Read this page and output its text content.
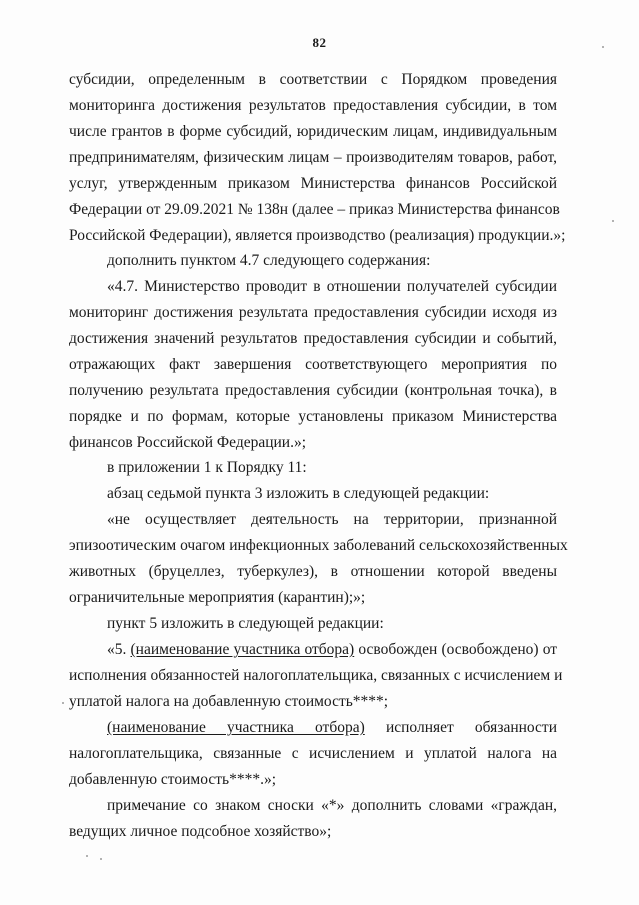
82
субсидии, определенным в соответствии с Порядком проведения
мониторинга достижения результатов предоставления субсидии, в том
числе грантов в форме субсидий, юридическим лицам, индивидуальным
предпринимателям, физическим лицам – производителям товаров, работ,
услуг, утвержденным приказом Министерства финансов Российской
Федерации от 29.09.2021 № 138н (далее – приказ Министерства финансов
Российской Федерации), является производство (реализация) продукции.»;
дополнить пунктом 4.7 следующего содержания:
«4.7. Министерство проводит в отношении получателей субсидии
мониторинг достижения результата предоставления субсидии исходя из
достижения значений результатов предоставления субсидии и событий,
отражающих факт завершения соответствующего мероприятия по
получению результата предоставления субсидии (контрольная точка), в
порядке и по формам, которые установлены приказом Министерства
финансов Российской Федерации.»;
в приложении 1 к Порядку 11:
абзац седьмой пункта 3 изложить в следующей редакции:
«не осуществляет деятельность на территории, признанной
эпизоотическим очагом инфекционных заболеваний сельскохозяйственных
животных (бруцеллез, туберкулез), в отношении которой введены
ограничительные мероприятия (карантин);»;
пункт 5 изложить в следующей редакции:
«5. (наименование участника отбора) освобожден (освобождено) от
исполнения обязанностей налогоплательщика, связанных с исчислением и
уплатой налога на добавленную стоимость****;
(наименование участника отбора) исполняет обязанности
налогоплательщика, связанные с исчислением и уплатой налога на
добавленную стоимость****.»;
примечание со знаком сноски «*» дополнить словами «граждан,
ведущих личное подсобное хозяйство»;
